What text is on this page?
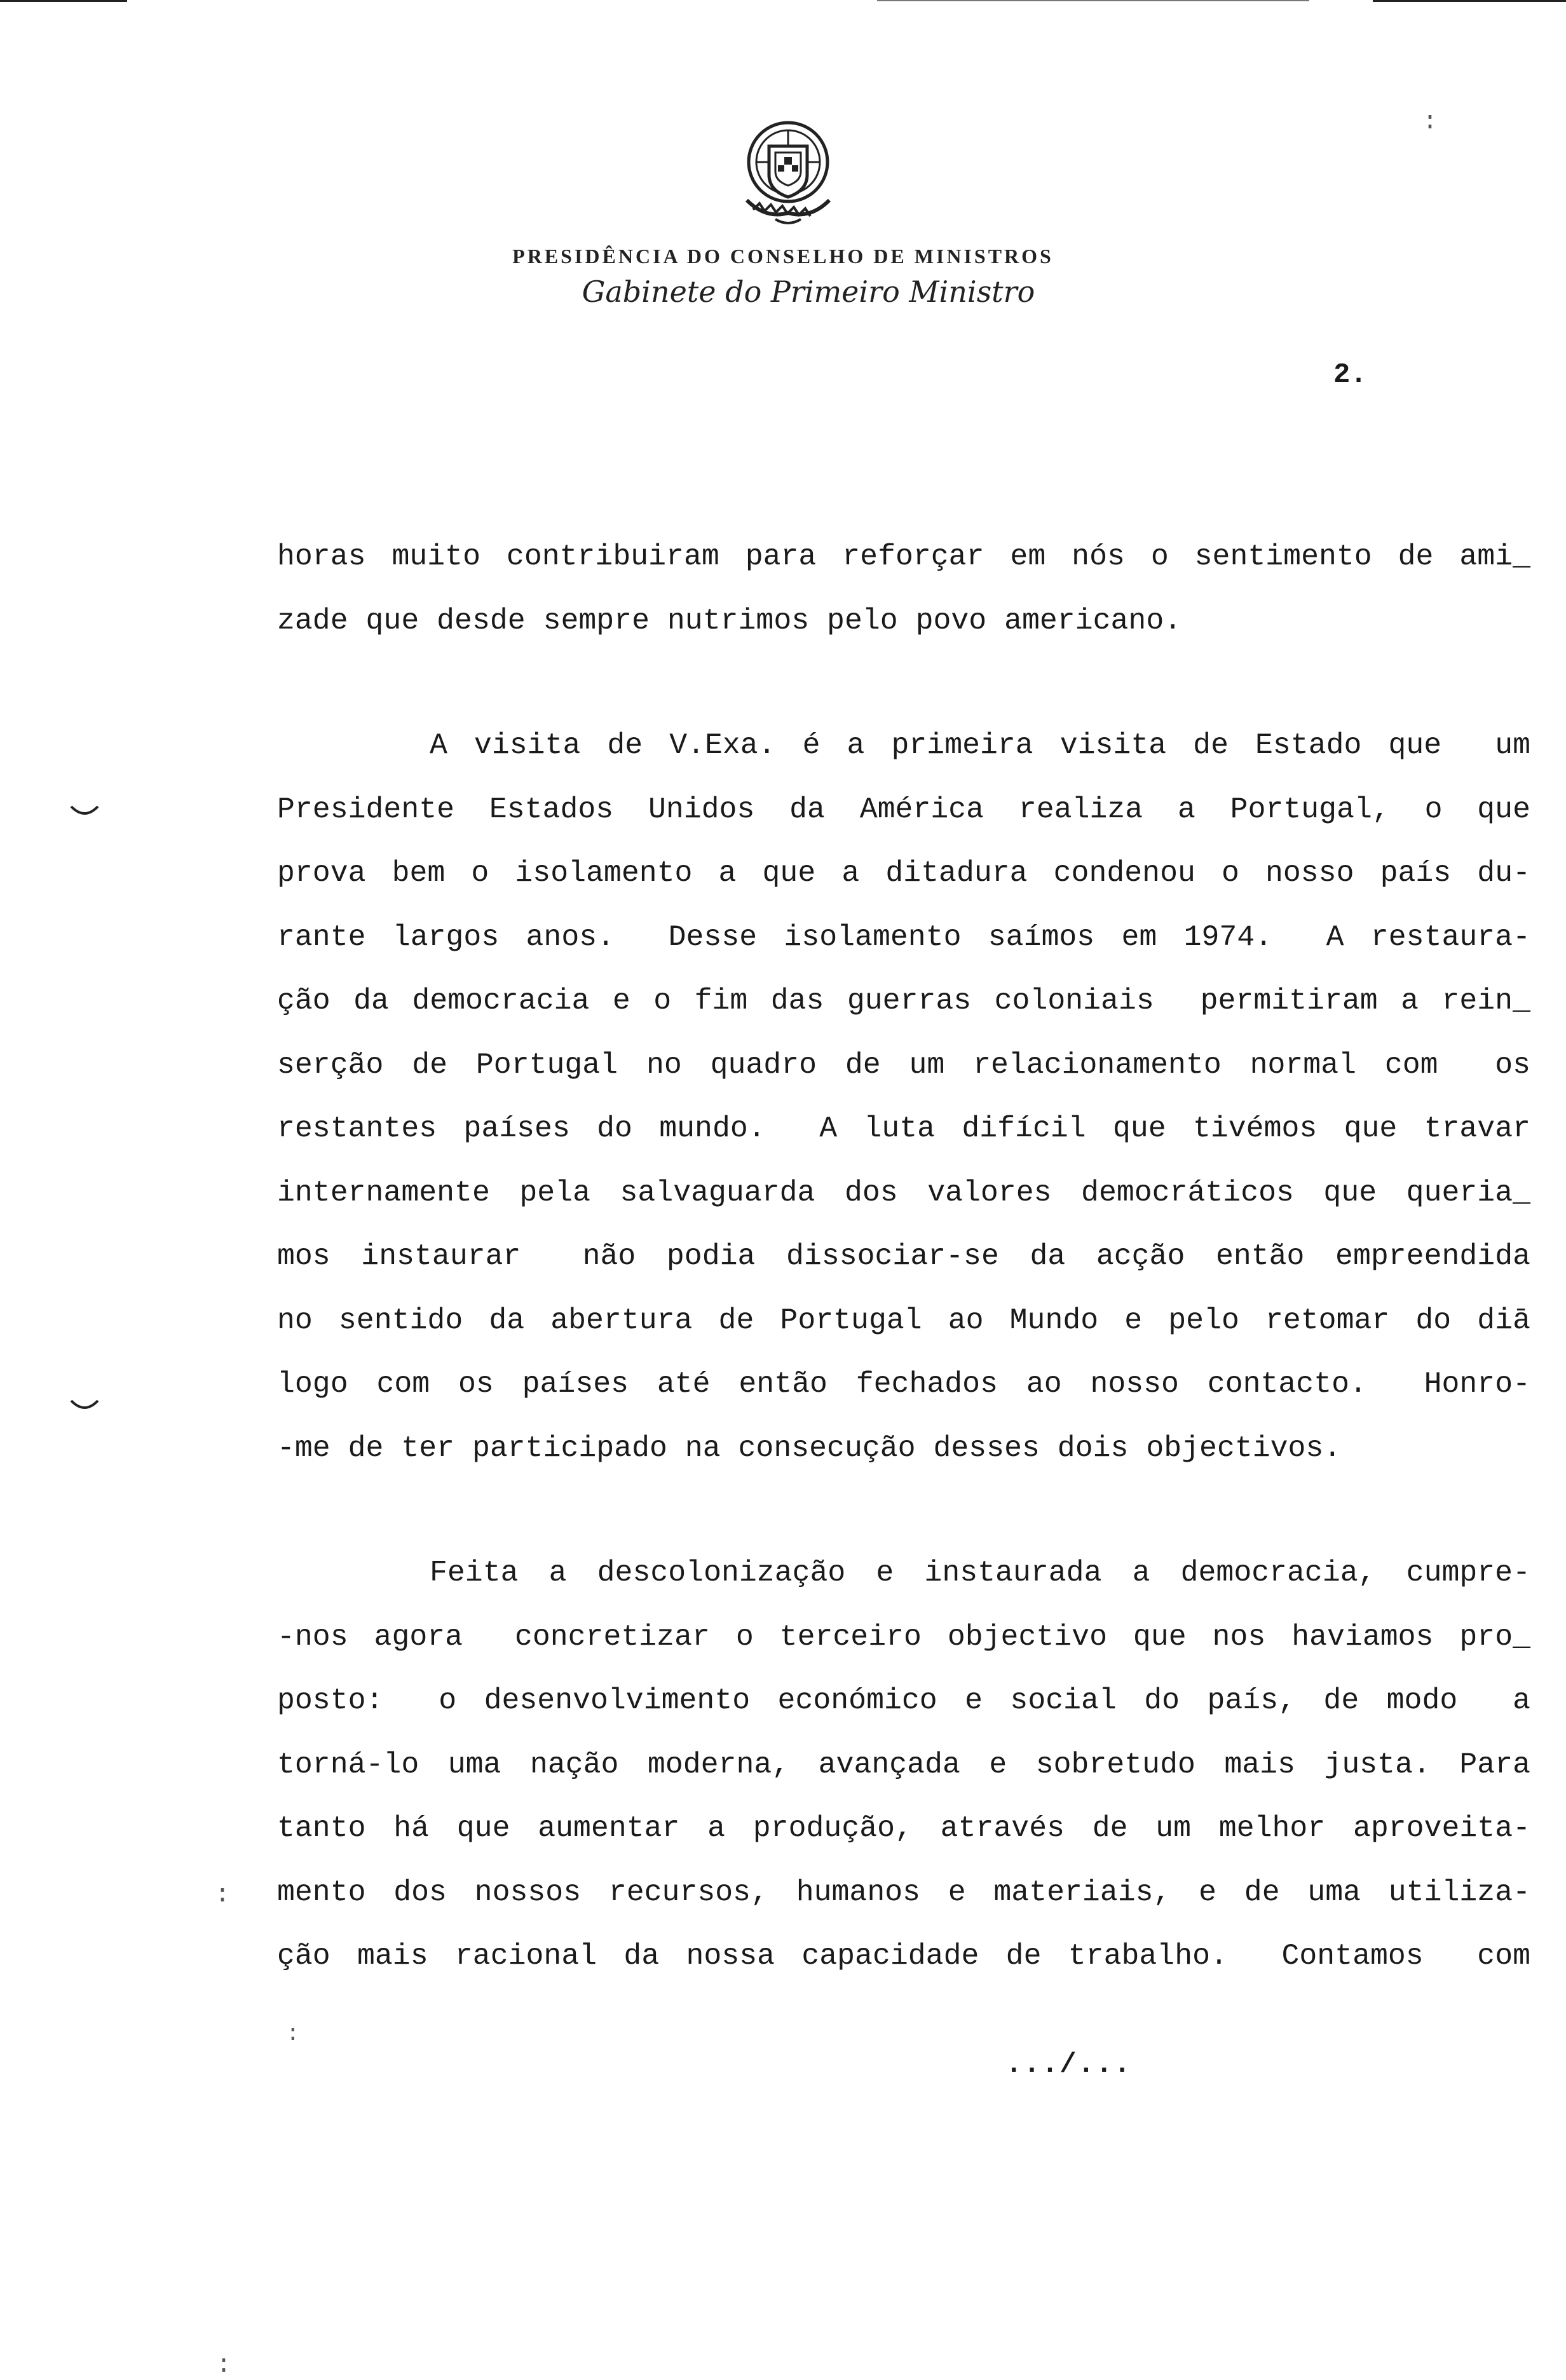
PRESIDÊNCIA DO CONSELHO DE MINISTROS
Gabinete do Primeiro Ministro
2.
:
:
:
:
horas muito contribuiram para reforçar em nós o sentimento de ami_
zade que desde sempre nutrimos pelo povo americano.
A visita de V.Exa. é a primeira visita de Estado que  um
Presidente Estados Unidos da América realiza a Portugal, o que
prova bem o isolamento a que a ditadura condenou o nosso país du-
rante largos anos.  Desse isolamento saímos em 1974.  A restaura-
ção da democracia e o fim das guerras coloniais  permitiram a rein_
serção de Portugal no quadro de um relacionamento normal com  os
restantes países do mundo.  A luta difícil que tivémos que travar
internamente pela salvaguarda dos valores democráticos que queria_
mos instaurar  não podia dissociar-se da acção então empreendida
no sentido da abertura de Portugal ao Mundo e pelo retomar do diā
logo com os países até então fechados ao nosso contacto.  Honro-
-me de ter participado na consecução desses dois objectivos.
Feita a descolonização e instaurada a democracia, cumpre-
-nos agora  concretizar o terceiro objectivo que nos haviamos pro_
posto:  o desenvolvimento económico e social do país, de modo  a
torná-lo uma nação moderna, avançada e sobretudo mais justa. Para
tanto há que aumentar a produção, através de um melhor aproveita-
mento dos nossos recursos, humanos e materiais, e de uma utiliza-
ção mais racional da nossa capacidade de trabalho.  Contamos  com
.../...
